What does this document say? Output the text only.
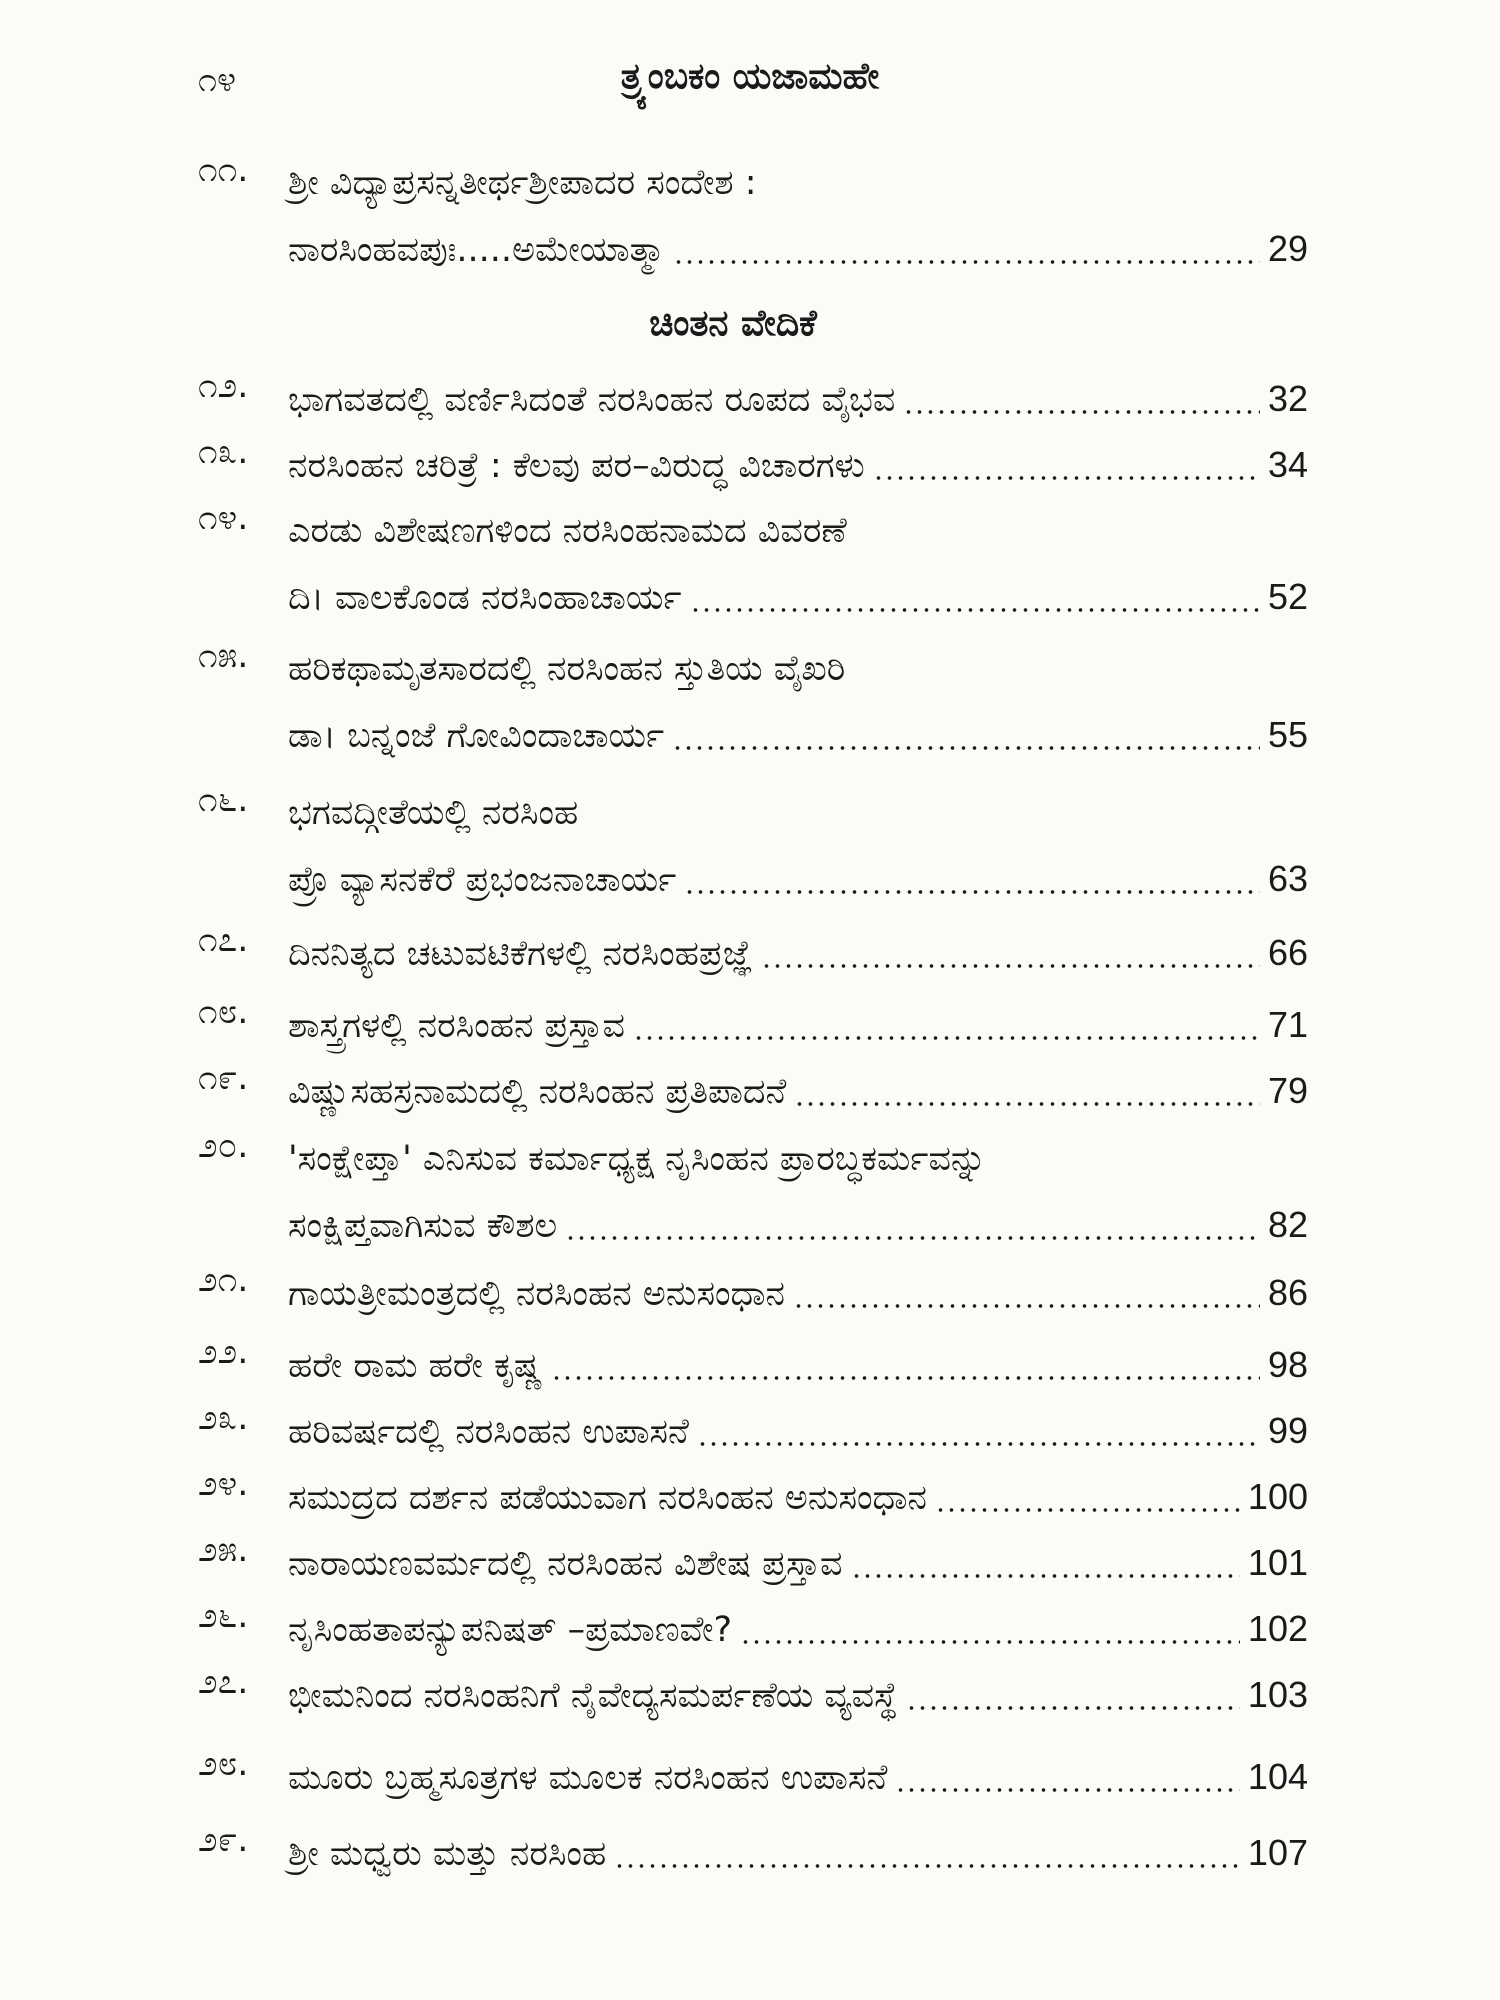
೧೪	ತ್ರ್ಯಂಬಕಂ ಯಜಾಮಹೇ
೧೧.	ಶ್ರೀ ವಿದ್ಯಾಪ್ರಸನ್ನತೀರ್ಥಶ್ರೀಪಾದರ ಸಂದೇಶ :
ನಾರಸಿಂಹವಪುಃ.....ಅಮೇಯಾತ್ಮಾ	29
ಚಿಂತನ ವೇದಿಕೆ
೧೨.	ಭಾಗವತದಲ್ಲಿ ವರ್ಣಿಸಿದಂತೆ ನರಸಿಂಹನ ರೂಪದ ವೈಭವ	32
೧೩.	ನರಸಿಂಹನ ಚರಿತ್ರೆ : ಕೆಲವು ಪರ–ವಿರುದ್ಧ ವಿಚಾರಗಳು	34
೧೪.	ಎರಡು ವಿಶೇಷಣಗಳಿಂದ ನರಸಿಂಹನಾಮದ ವಿವರಣೆ
ದಿ। ವಾಲಕೊಂಡ ನರಸಿಂಹಾಚಾರ್ಯ	52
೧೫.	ಹರಿಕಥಾಮೃತಸಾರದಲ್ಲಿ ನರಸಿಂಹನ ಸ್ತುತಿಯ ವೈಖರಿ
ಡಾ। ಬನ್ನಂಜೆ ಗೋವಿಂದಾಚಾರ್ಯ	55
೧೬.	ಭಗವದ್ಗೀತೆಯಲ್ಲಿ ನರಸಿಂಹ
ಪ್ರೊ ವ್ಯಾಸನಕೆರೆ ಪ್ರಭಂಜನಾಚಾರ್ಯ	63
೧೭.	ದಿನನಿತ್ಯದ ಚಟುವಟಿಕೆಗಳಲ್ಲಿ ನರಸಿಂಹಪ್ರಜ್ಞೆ	66
೧೮.	ಶಾಸ್ತ್ರಗಳಲ್ಲಿ ನರಸಿಂಹನ ಪ್ರಸ್ತಾವ	71
೧೯.	ವಿಷ್ಣುಸಹಸ್ರನಾಮದಲ್ಲಿ ನರಸಿಂಹನ ಪ್ರತಿಪಾದನೆ	79
೨೦.	'ಸಂಕ್ಷೇಪ್ತಾ' ಎನಿಸುವ ಕರ್ಮಾಧ್ಯಕ್ಷ ನೃಸಿಂಹನ ಪ್ರಾರಬ್ಧಕರ್ಮವನ್ನು
ಸಂಕ್ಷಿಪ್ತವಾಗಿಸುವ ಕೌಶಲ	82
೨೧.	ಗಾಯತ್ರೀಮಂತ್ರದಲ್ಲಿ ನರಸಿಂಹನ ಅನುಸಂಧಾನ	86
೨೨.	ಹರೇ ರಾಮ ಹರೇ ಕೃಷ್ಣ	98
೨೩.	ಹರಿವರ್ಷದಲ್ಲಿ ನರಸಿಂಹನ ಉಪಾಸನೆ	99
೨೪.	ಸಮುದ್ರದ ದರ್ಶನ ಪಡೆಯುವಾಗ ನರಸಿಂಹನ ಅನುಸಂಧಾನ	100
೨೫.	ನಾರಾಯಣವರ್ಮದಲ್ಲಿ ನರಸಿಂಹನ ವಿಶೇಷ ಪ್ರಸ್ತಾವ	101
೨೬.	ನೃಸಿಂಹತಾಪನ್ಯುಪನಿಷತ್ –ಪ್ರಮಾಣವೇ?	102
೨೭.	ಭೀಮನಿಂದ ನರಸಿಂಹನಿಗೆ ನೈವೇದ್ಯಸಮರ್ಪಣೆಯ ವ್ಯವಸ್ಥೆ	103
೨೮.	ಮೂರು ಬ್ರಹ್ಮಸೂತ್ರಗಳ ಮೂಲಕ ನರಸಿಂಹನ ಉಪಾಸನೆ	104
೨೯.	ಶ್ರೀ ಮಧ್ವರು ಮತ್ತು ನರಸಿಂಹ	107
